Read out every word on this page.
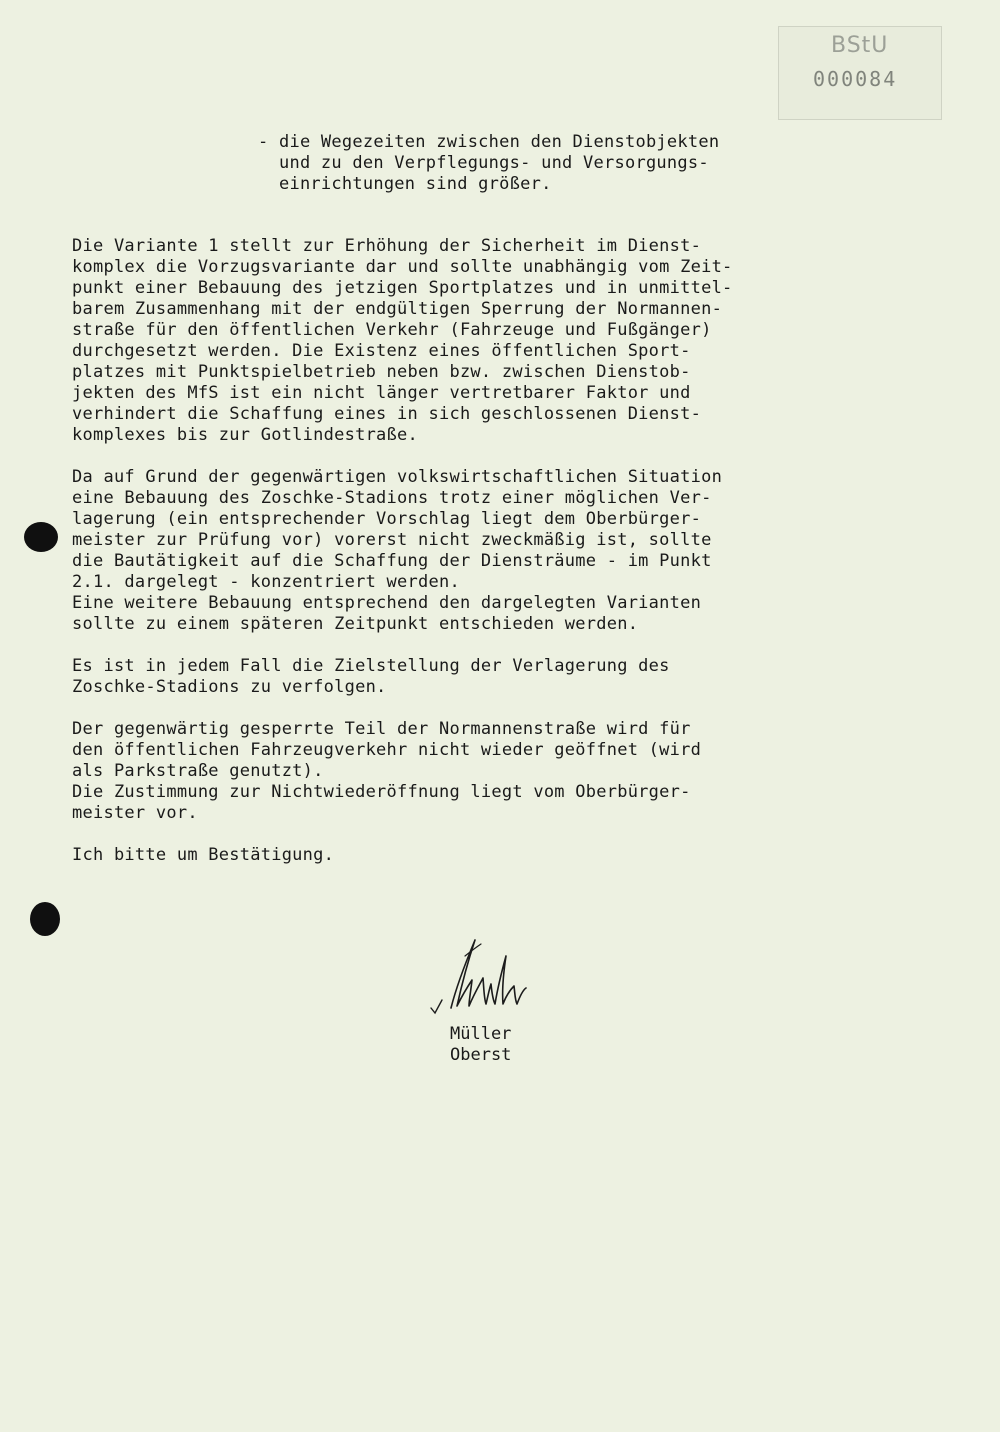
BStU
000084
- die Wegezeiten zwischen den Dienstobjekten
und zu den Verpflegungs- und Versorgungs-
einrichtungen sind größer.
Die Variante 1 stellt zur Erhöhung der Sicherheit im Dienst-
komplex die Vorzugsvariante dar und sollte unabhängig vom Zeit-
punkt einer Bebauung des jetzigen Sportplatzes und in unmittel-
barem Zusammenhang mit der endgültigen Sperrung der Normannen-
straße für den öffentlichen Verkehr (Fahrzeuge und Fußgänger)
durchgesetzt werden. Die Existenz eines öffentlichen Sport-
platzes mit Punktspielbetrieb neben bzw. zwischen Dienstob-
jekten des MfS ist ein nicht länger vertretbarer Faktor und
verhindert die Schaffung eines in sich geschlossenen Dienst-
komplexes bis zur Gotlindestraße.
Da auf Grund der gegenwärtigen volkswirtschaftlichen Situation
eine Bebauung des Zoschke-Stadions trotz einer möglichen Ver-
lagerung (ein entsprechender Vorschlag liegt dem Oberbürger-
meister zur Prüfung vor) vorerst nicht zweckmäßig ist, sollte
die Bautätigkeit auf die Schaffung der Diensträume - im Punkt
2.1. dargelegt - konzentriert werden.
Eine weitere Bebauung entsprechend den dargelegten Varianten
sollte zu einem späteren Zeitpunkt entschieden werden.
Es ist in jedem Fall die Zielstellung der Verlagerung des
Zoschke-Stadions zu verfolgen.
Der gegenwärtig gesperrte Teil der Normannenstraße wird für
den öffentlichen Fahrzeugverkehr nicht wieder geöffnet (wird
als Parkstraße genutzt).
Die Zustimmung zur Nichtwiederöffnung liegt vom Oberbürger-
meister vor.
Ich bitte um Bestätigung.
Müller
Oberst
